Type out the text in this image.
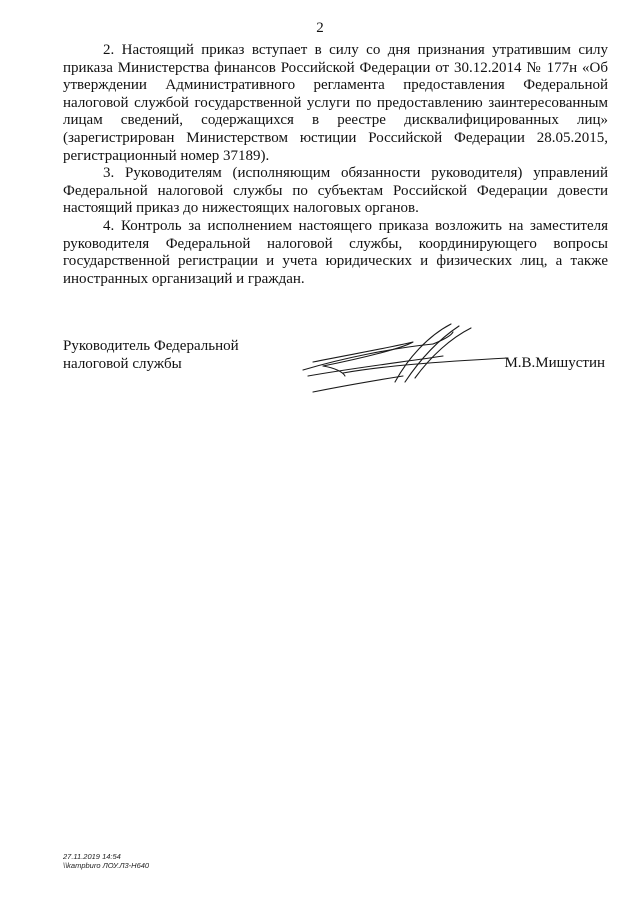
2

2. Настоящий приказ вступает в силу со дня признания утратившим силу приказа Министерства финансов Российской Федерации от 30.12.2014 № 177н «Об утверждении Административного регламента предоставления Федеральной налоговой службой государственной услуги по предоставлению заинтересованным лицам сведений, содержащихся в реестре дисквалифицированных лиц» (зарегистрирован Министерством юстиции Российской Федерации 28.05.2015, регистрационный номер 37189).

3. Руководителям (исполняющим обязанности руководителя) управлений Федеральной налоговой службы по субъектам Российской Федерации довести настоящий приказ до нижестоящих налоговых органов.

4. Контроль за исполнением настоящего приказа возложить на заместителя руководителя Федеральной налоговой службы, координирующего вопросы государственной регистрации и учета юридических и физических лиц, а также иностранных организаций и граждан.

Руководитель Федеральной
налоговой службы	М.В.Мишустин
27.11.2019 14:54
\\kampburo ЛОУ.Л3-Н640
